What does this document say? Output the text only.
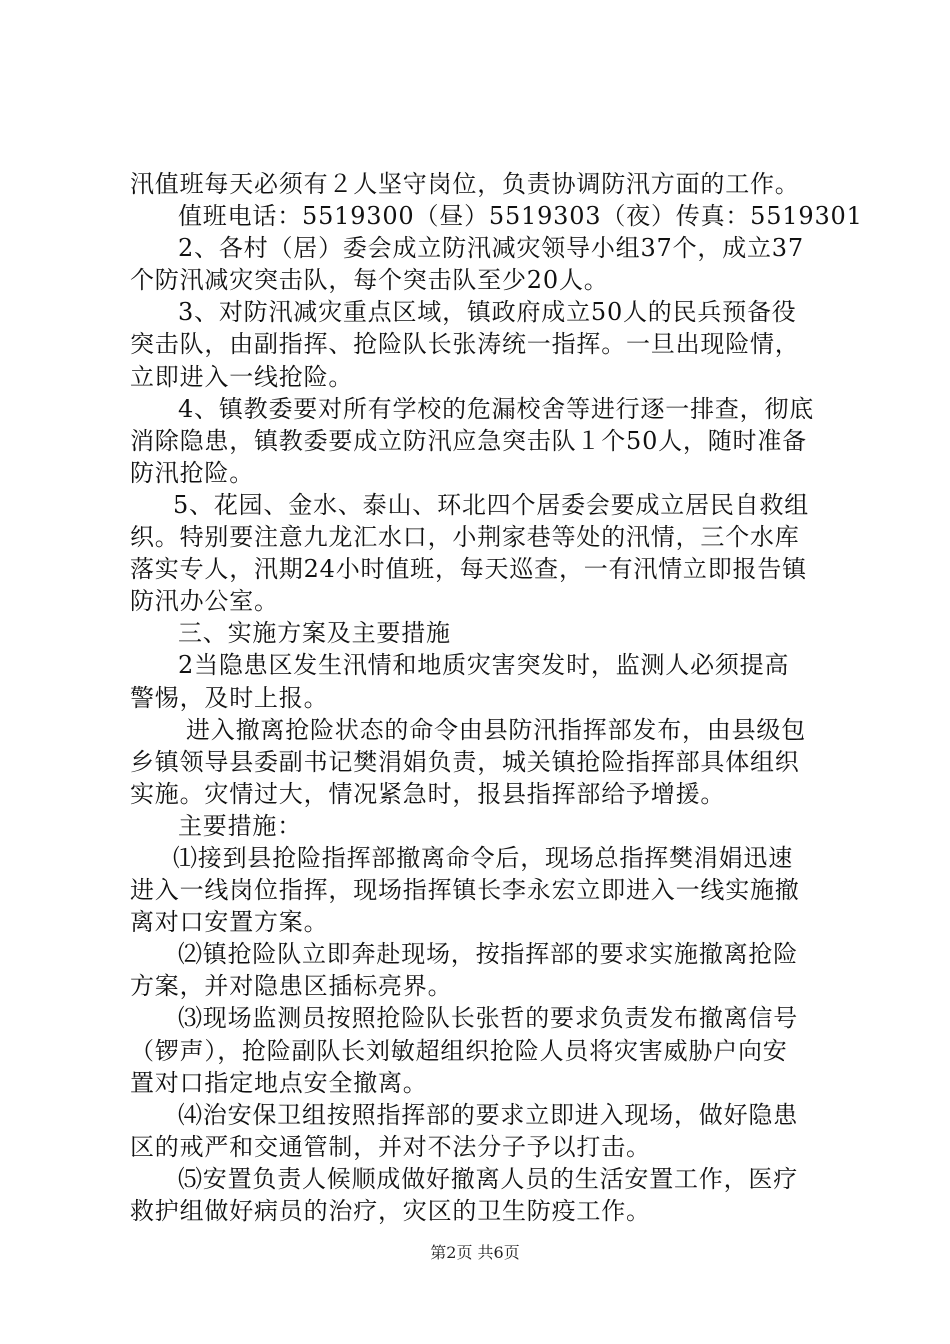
汛值班每天必须有２人坚守岗位，负责协调防汛方面的工作。
值班电话：5519300（昼）5519303（夜）传真：5519301
2、各村（居）委会成立防汛减灾领导小组37个，成立37
个防汛减灾突击队，每个突击队至少20人。
3、对防汛减灾重点区域，镇政府成立50人的民兵预备役
突击队，由副指挥、抢险队长张涛统一指挥。一旦出现险情，
立即进入一线抢险。
4、镇教委要对所有学校的危漏校舍等进行逐一排查，彻底
消除隐患，镇教委要成立防汛应急突击队１个50人，随时准备
防汛抢险。
5、花园、金水、泰山、环北四个居委会要成立居民自救组
织。特别要注意九龙汇水口，小荆家巷等处的汛情，三个水库
落实专人，汛期24小时值班，每天巡查，一有汛情立即报告镇
防汛办公室。
三、实施方案及主要措施
2当隐患区发生汛情和地质灾害突发时，监测人必须提高
警惕，及时上报。
进入撤离抢险状态的命令由县防汛指挥部发布，由县级包
乡镇领导县委副书记樊涓娟负责，城关镇抢险指挥部具体组织
实施。灾情过大，情况紧急时，报县指挥部给予增援。
主要措施：
⑴接到县抢险指挥部撤离命令后，现场总指挥樊涓娟迅速
进入一线岗位指挥，现场指挥镇长李永宏立即进入一线实施撤
离对口安置方案。
⑵镇抢险队立即奔赴现场，按指挥部的要求实施撤离抢险
方案，并对隐患区插标亮界。
⑶现场监测员按照抢险队长张哲的要求负责发布撤离信号
（锣声），抢险副队长刘敏超组织抢险人员将灾害威胁户向安
置对口指定地点安全撤离。
⑷治安保卫组按照指挥部的要求立即进入现场，做好隐患
区的戒严和交通管制，并对不法分子予以打击。
⑸安置负责人候顺成做好撤离人员的生活安置工作，医疗
救护组做好病员的治疗，灾区的卫生防疫工作。
第2页 共6页
